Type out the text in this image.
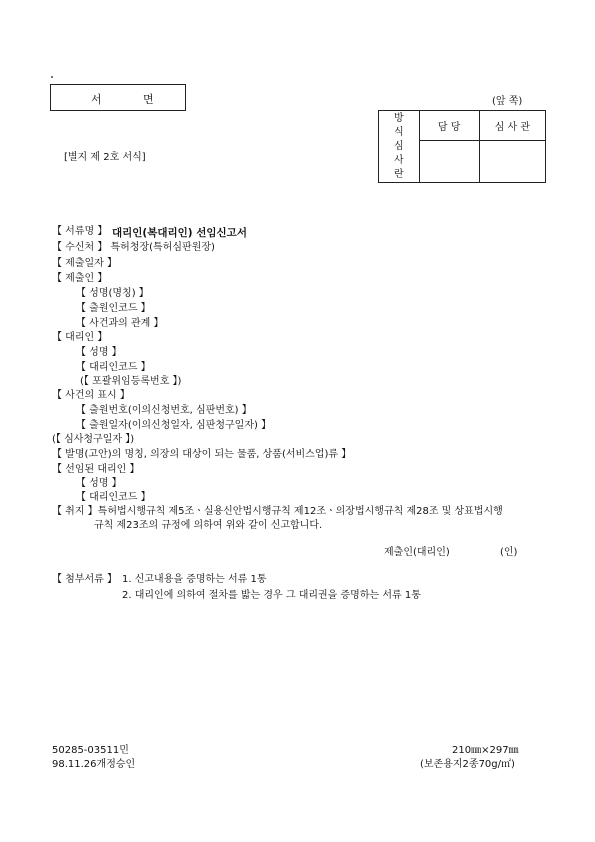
서	면	(앞 쪽)
방
식
심
사
란	담 당	심 사 관

[별지 제 2호 서식]
【 서류명 】 대리인(복대리인) 선임신고서
【 수신처 】 특허청장(특허심판원장)
【 제출일자 】
【 제출인 】
【 성명(명칭) 】
【 출원인코드 】
【 사건과의 관계 】
【 대리인 】
【 성명 】
【 대리인코드 】
(【 포괄위임등록번호 】)
【 사건의 표시 】
【 출원번호(이의신청번호, 심판번호) 】
【 출원일자(이의신청일자, 심판청구일자) 】
(【 심사청구일자 】)
【 발명(고안)의 명칭, 의장의 대상이 되는 물품, 상품(서비스업)류 】
【 선임된 대리인 】
【 성명 】
【 대리인코드 】
【 취지 】특허법시행규칙 제5조ㆍ실용신안법시행규칙 제12조ㆍ의장법시행규칙 제28조 및 상표법시행
규칙 제23조의 규정에 의하여 위와 같이 신고합니다.
제출인(대리인)	(인)
【 첨부서류 】 1. 신고내용을 증명하는 서류 1통
2. 대리인에 의하여 절차를 밟는 경우 그 대리권을 증명하는 서류 1통
50285-03511민
98.11.26개정승인
210㎜×297㎜
(보존용지2종70g/㎡)
